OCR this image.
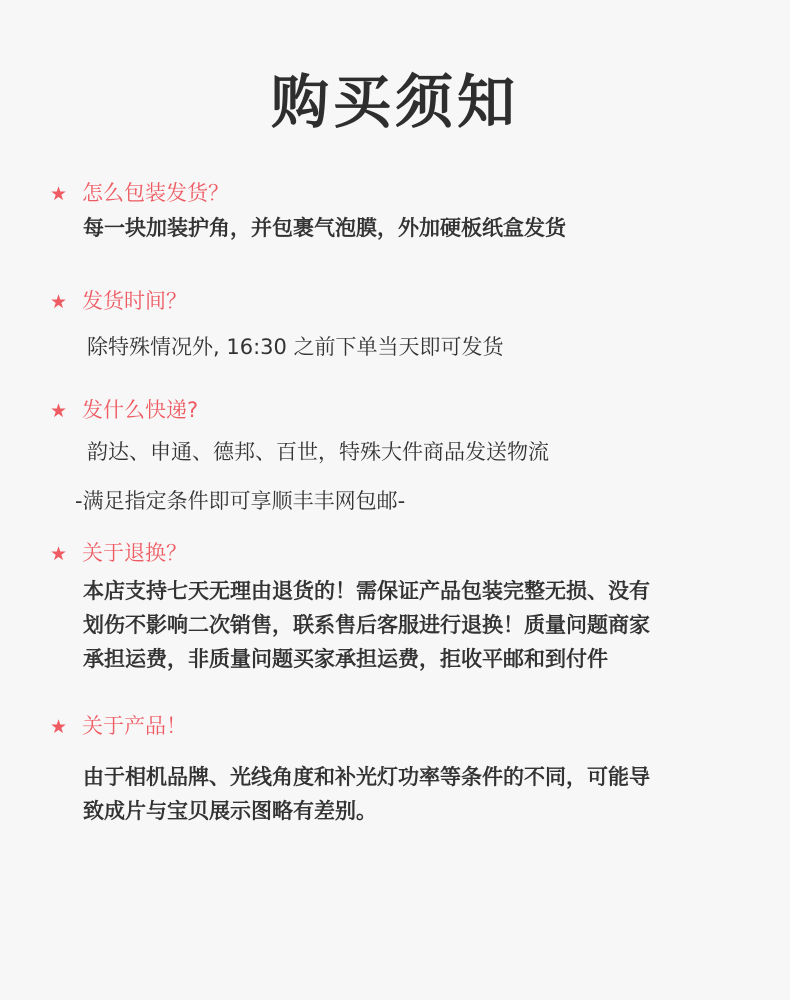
购买须知
★ 怎么包装发货？
每一块加装护角，并包裹气泡膜，外加硬板纸盒发货
★ 发货时间？
除特殊情况外, 16:30 之前下单当天即可发货
★ 发什么快递?
韵达、申通、德邦、百世，特殊大件商品发送物流
-满足指定条件即可享顺丰丰网包邮-
★ 关于退换？
本店支持七天无理由退货的！需保证产品包装完整无损、没有
划伤不影响二次销售，联系售后客服进行退换！质量问题商家
承担运费，非质量问题买家承担运费，拒收平邮和到付件
★ 关于产品！
由于相机品牌、光线角度和补光灯功率等条件的不同，可能导
致成片与宝贝展示图略有差别。
